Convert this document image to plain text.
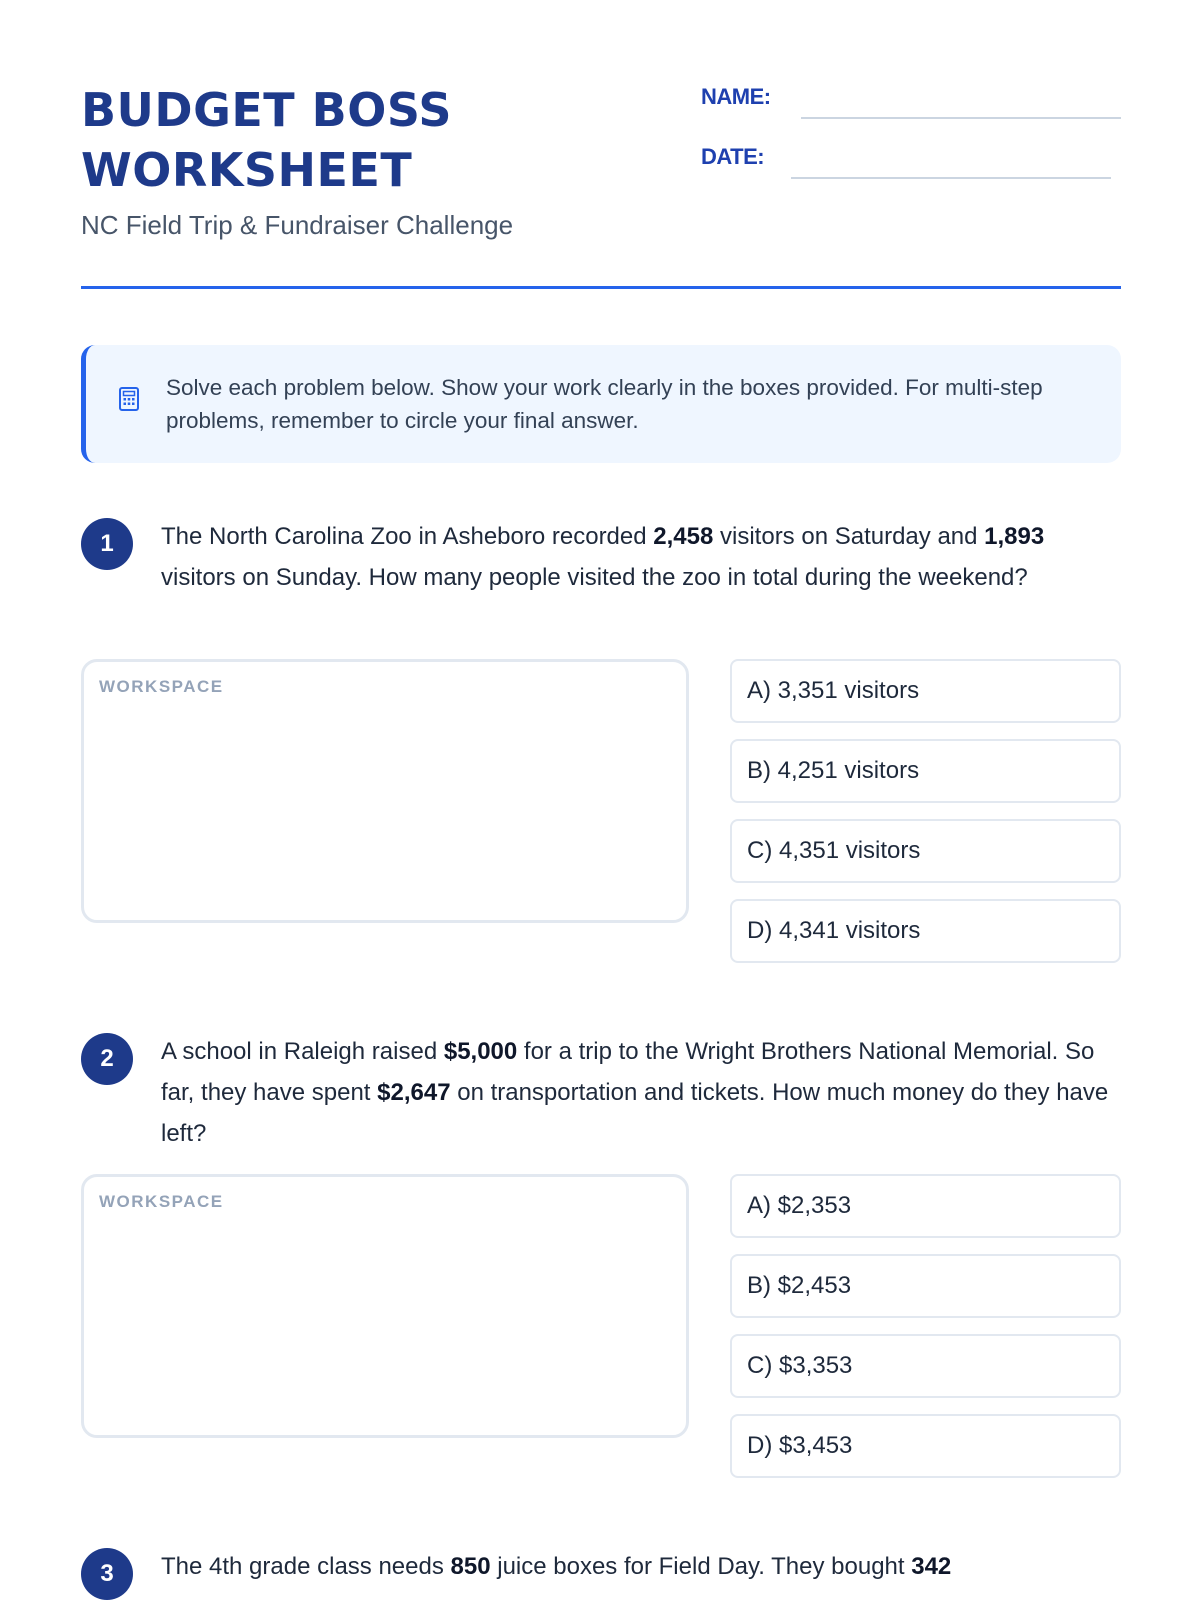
BUDGET BOSS
WORKSHEET

NC Field Trip & Fundraiser Challenge

NAME:
DATE:
Solve each problem below. Show your work clearly in the boxes provided. For multi-step problems, remember to circle your final answer.
1	The North Carolina Zoo in Asheboro recorded 2,458 visitors on Saturday and 1,893 visitors on Sunday. How many people visited the zoo in total during the weekend?
WORKSPACE	A) 3,351 visitors
B) 4,251 visitors
C) 4,351 visitors
D) 4,341 visitors
2	A school in Raleigh raised $5,000 for a trip to the Wright Brothers National Memorial. So far, they have spent $2,647 on transportation and tickets. How much money do they have left?
WORKSPACE	A) $2,353
B) $2,453
C) $3,353
D) $3,453
3	The 4th grade class needs 850 juice boxes for Field Day. They bought 342
